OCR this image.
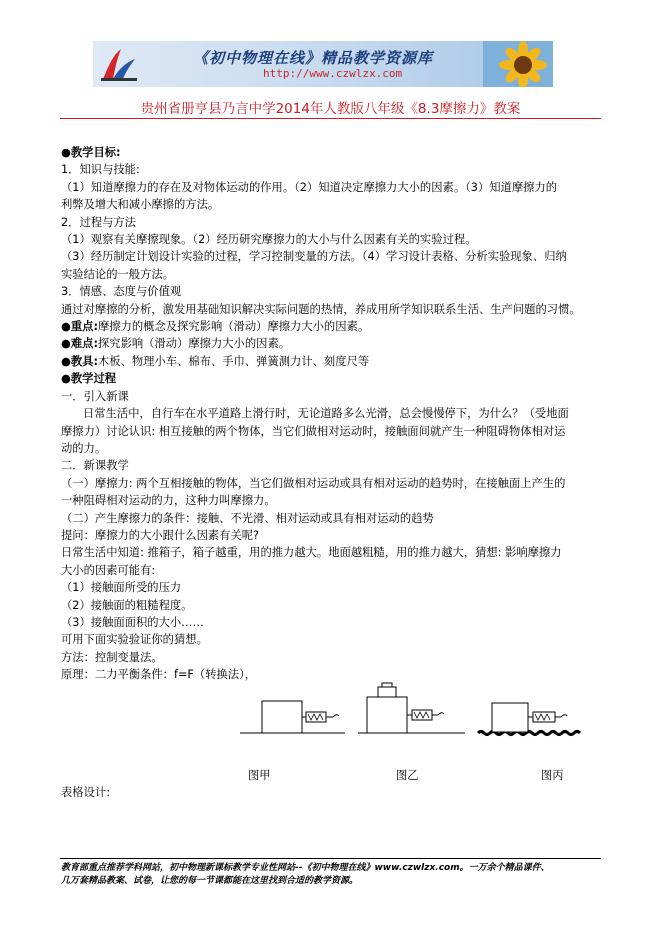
《初中物理在线》精品教学资源库
http://www.czwlzx.com
贵州省册亨县乃言中学2014年人教版八年级《8.3摩擦力》教案

●教学目标:

1．知识与技能:

（1）知道摩擦力的存在及对物体运动的作用。（2）知道决定摩擦力大小的因素。（3）知道摩擦力的

利弊及增大和减小摩擦的方法。

2．过程与方法

（1）观察有关摩擦现象。（2）经历研究摩擦力的大小与什么因素有关的实验过程。

（3）经历制定计划设计实验的过程，学习控制变量的方法。（4）学习设计表格、分析实验现象、归纳

实验结论的一般方法。

3．情感、态度与价值观

通过对摩擦的分析，激发用基础知识解决实际问题的热情，养成用所学知识联系生活、生产问题的习惯。

●重点:摩擦力的概念及探究影响（滑动）摩擦力大小的因素。

●难点:探究影响（滑动）摩擦力大小的因素。

●教具:木板、物理小车、棉布、手巾、弹簧测力计、刻度尺等

●教学过程

一．引入新课

日常生活中，自行车在水平道路上滑行时，无论道路多么光滑，总会慢慢停下，为什么？（受地面

摩擦力）讨论认识: 相互接触的两个物体，当它们做相对运动时，接触面间就产生一种阻碍物体相对运

动的力。

二．新课教学

（一）摩擦力: 两个互相接触的物体，当它们做相对运动或具有相对运动的趋势时，在接触面上产生的

一种阻碍相对运动的力，这种力叫摩擦力。

（二）产生摩擦力的条件：接触、不光滑、相对运动或具有相对运动的趋势

提问：摩擦力的大小跟什么因素有关呢?

日常生活中知道: 推箱子，箱子越重，用的推力越大。地面越粗糙，用的推力越大，猜想: 影响摩擦力

大小的因素可能有:

（1）接触面所受的压力

（2）接触面的粗糙程度。

（3）接触面面积的大小……

可用下面实验验证你的猜想。

方法：控制变量法。

原理：二力平衡条件：f=F（转换法），

图甲	图乙	图丙
表格设计:

教育部重点推荐学科网站，初中物理新课标教学专业性网站--《初中物理在线》www.czwlzx.com。一万余个精品课件、

几万套精品教案、试卷，让您的每一节课都能在这里找到合适的教学资源。
